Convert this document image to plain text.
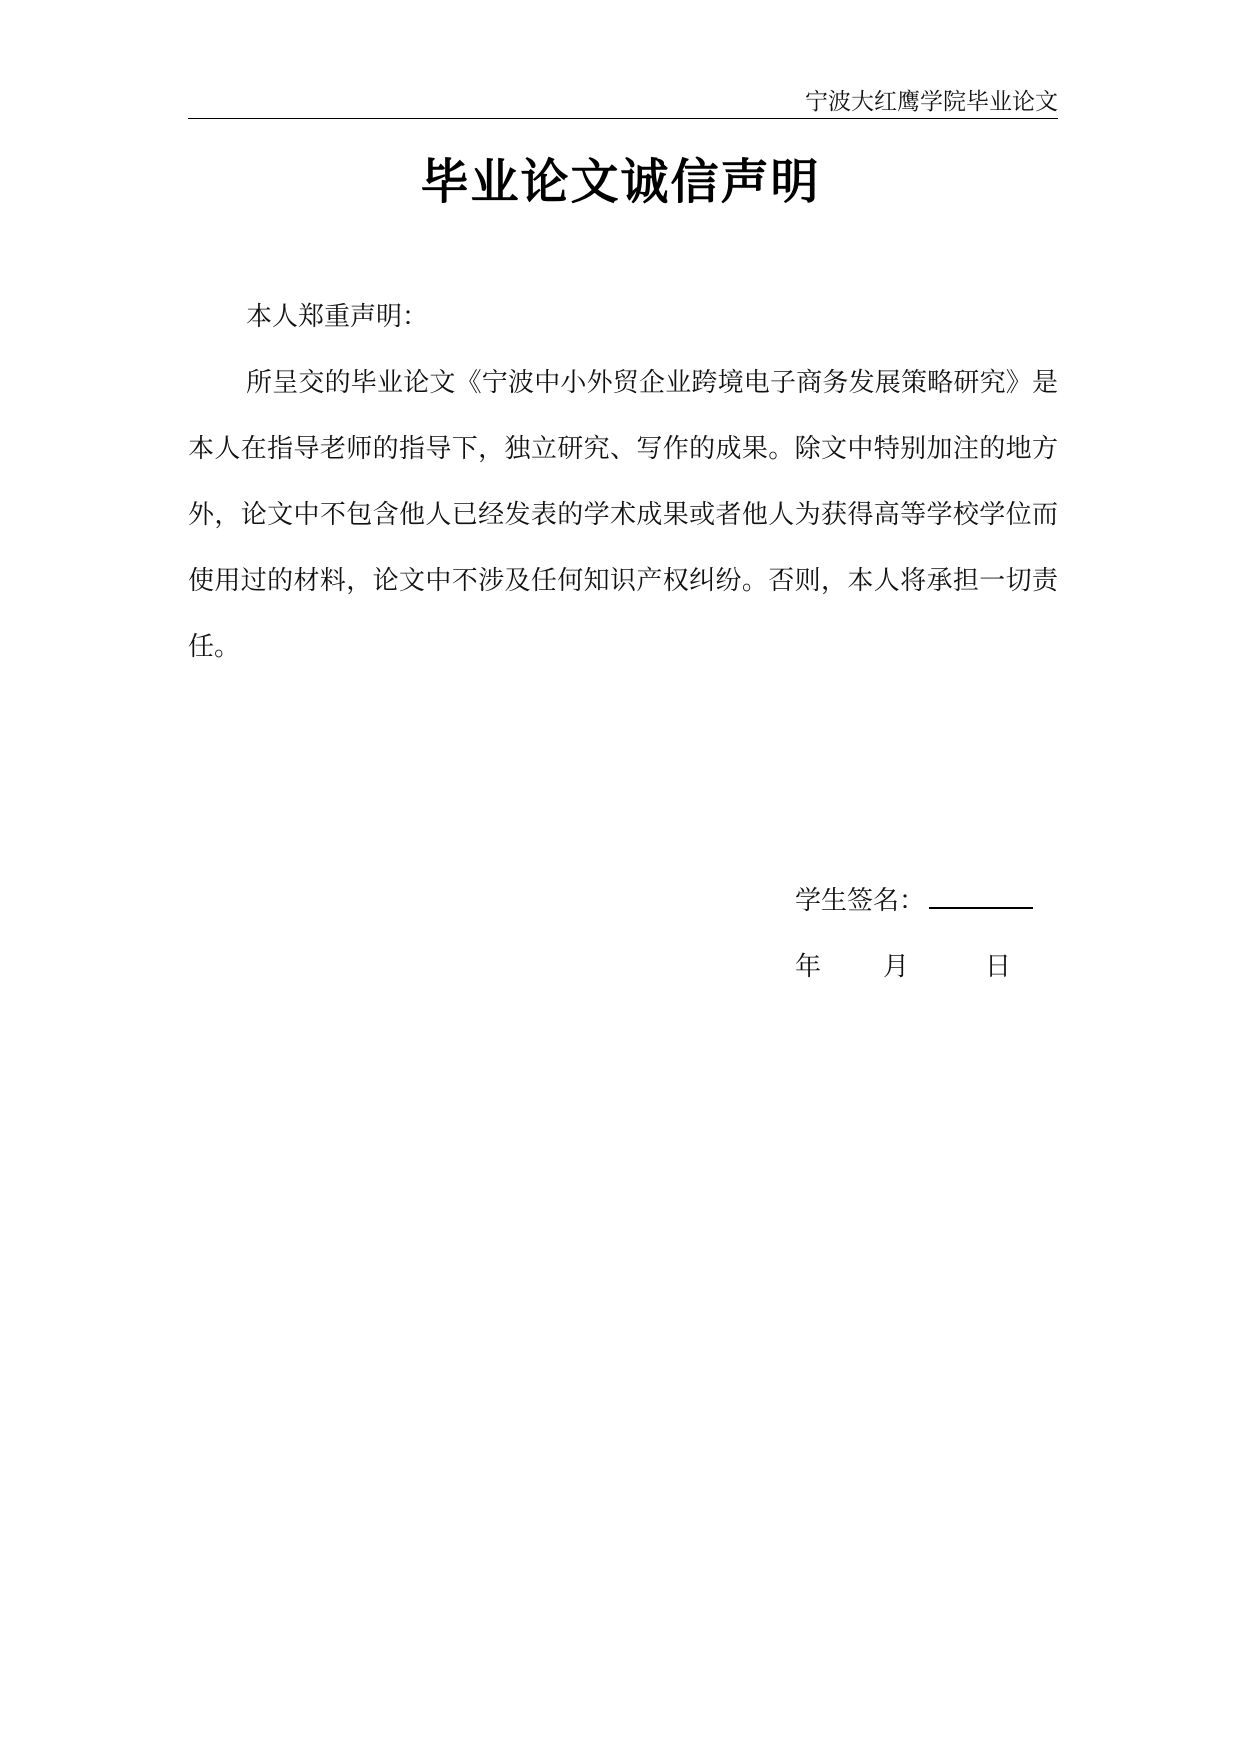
宁波大红鹰学院毕业论文
毕业论文诚信声明

本人郑重声明：

所呈交的毕业论文《宁波中小外贸企业跨境电子商务发展策略研究》是本人在指导老师的指导下，独立研究、写作的成果。除文中特别加注的地方外，论文中不包含他人已经发表的学术成果或者他人为获得高等学校学位而使用过的材料，论文中不涉及任何知识产权纠纷。否则，本人将承担一切责任。

学生签名：
年	月	日
